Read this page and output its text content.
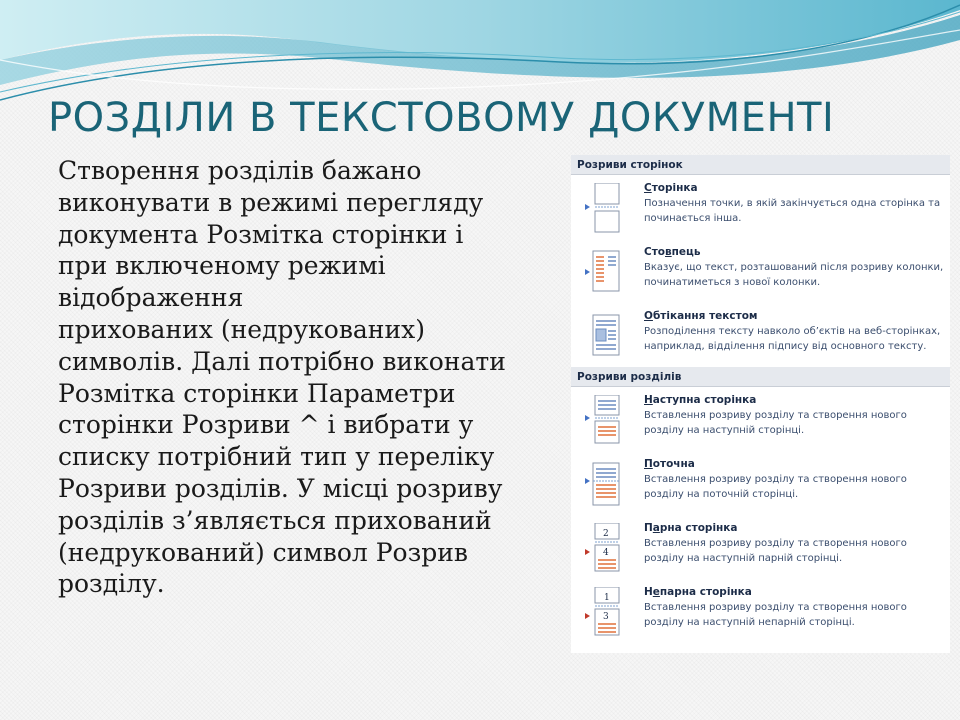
РОЗДІЛИ В ТЕКСТОВОМУ ДОКУМЕНТІ
Створення розділів бажано
виконувати в режимі перегляду
документа Розмітка сторінки і
при включеному режимі
відображення
прихованих (недрукованих)
символів. Далі потрібно виконати
Розмітка сторінки Параметри
сторінки Розриви ^ і вибрати у
списку потрібний тип у переліку
Розриви розділів. У місці розриву
розділів з’являється прихований
(недрукований) символ Розрив
розділу.
Розриви сторінок
Сторінка
Позначення точки, в якій закінчується одна сторінка та починається інша.
Стовпець
Вказує, що текст, розташований після розриву колонки, починатиметься з нової колонки.
Обтікання текстом
Розподілення тексту навколо об’єктів на веб-сторінках, наприклад, відділення підпису від основного тексту.
Розриви розділів
Наступна сторінка
Вставлення розриву розділу та створення нового розділу на наступній сторінці.
Поточна
Вставлення розриву розділу та створення нового розділу на поточній сторінці.
2
4
Парна сторінка
Вставлення розриву розділу та створення нового розділу на наступній парній сторінці.
1
3
Непарна сторінка
Вставлення розриву розділу та створення нового розділу на наступній непарній сторінці.
